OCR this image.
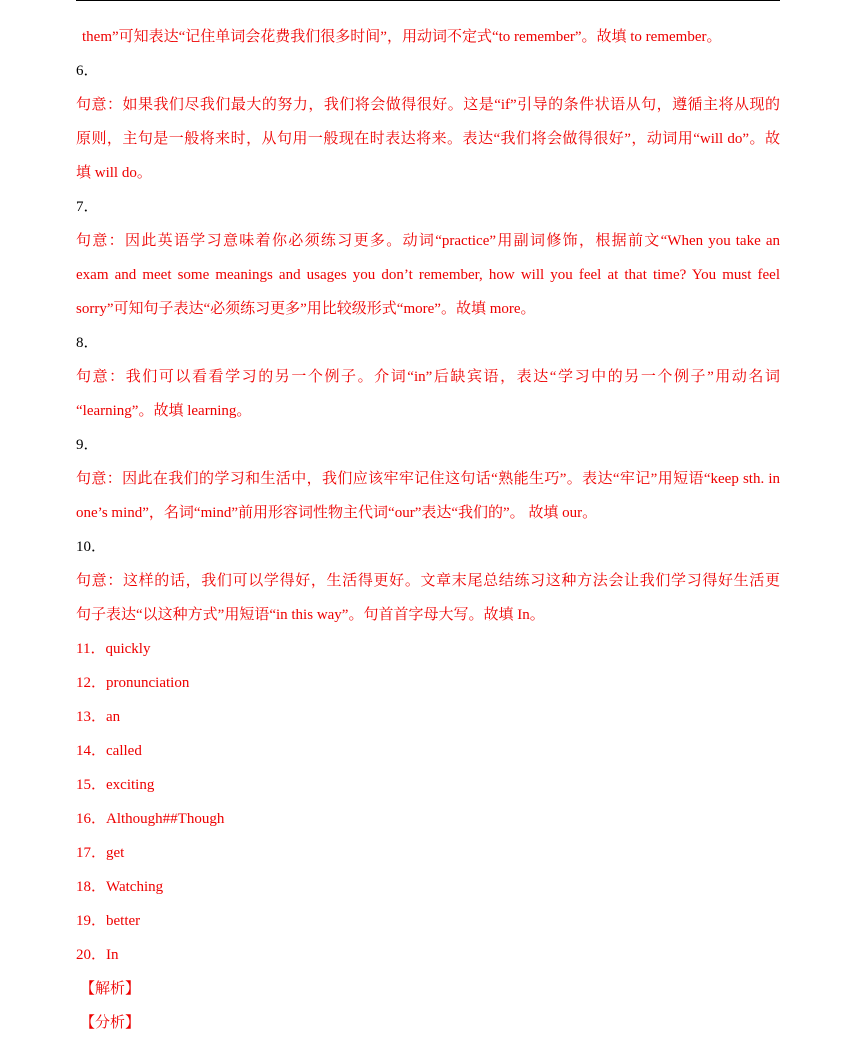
them”可知表达“记住单词会花费我们很多时间”，用动词不定式“to remember”。故填 to remember。
6．
句意：如果我们尽我们最大的努力，我们将会做得很好。这是“if”引导的条件状语从句，遵循主将从现的
原则，主句是一般将来时，从句用一般现在时表达将来。表达“我们将会做得很好”，动词用“will do”。故
填 will do。
7．
句意：因此英语学习意味着你必须练习更多。动词“practice”用副词修饰，根据前文“When you take an
exam and meet some meanings and usages you don’t remember, how will you feel at that time? You must feel
sorry”可知句子表达“必须练习更多”用比较级形式“more”。故填 more。
8．
句意：我们可以看看学习的另一个例子。介词“in”后缺宾语，表达“学习中的另一个例子”用动名词
“learning”。故填 learning。
9．
句意：因此在我们的学习和生活中，我们应该牢牢记住这句话“熟能生巧”。表达“牢记”用短语“keep sth. in
one’s mind”，名词“mind”前用形容词性物主代词“our”表达“我们的”。 故填 our。
10．
句意：这样的话，我们可以学得好，生活得更好。文章末尾总结练习这种方法会让我们学习得好生活更
句子表达“以这种方式”用短语“in this way”。句首首字母大写。故填 In。
11．quickly
12．pronunciation
13．an
14．called
15．exciting
16．Although##Though
17．get
18．Watching
19．better
20．In
【解析】
【分析】
